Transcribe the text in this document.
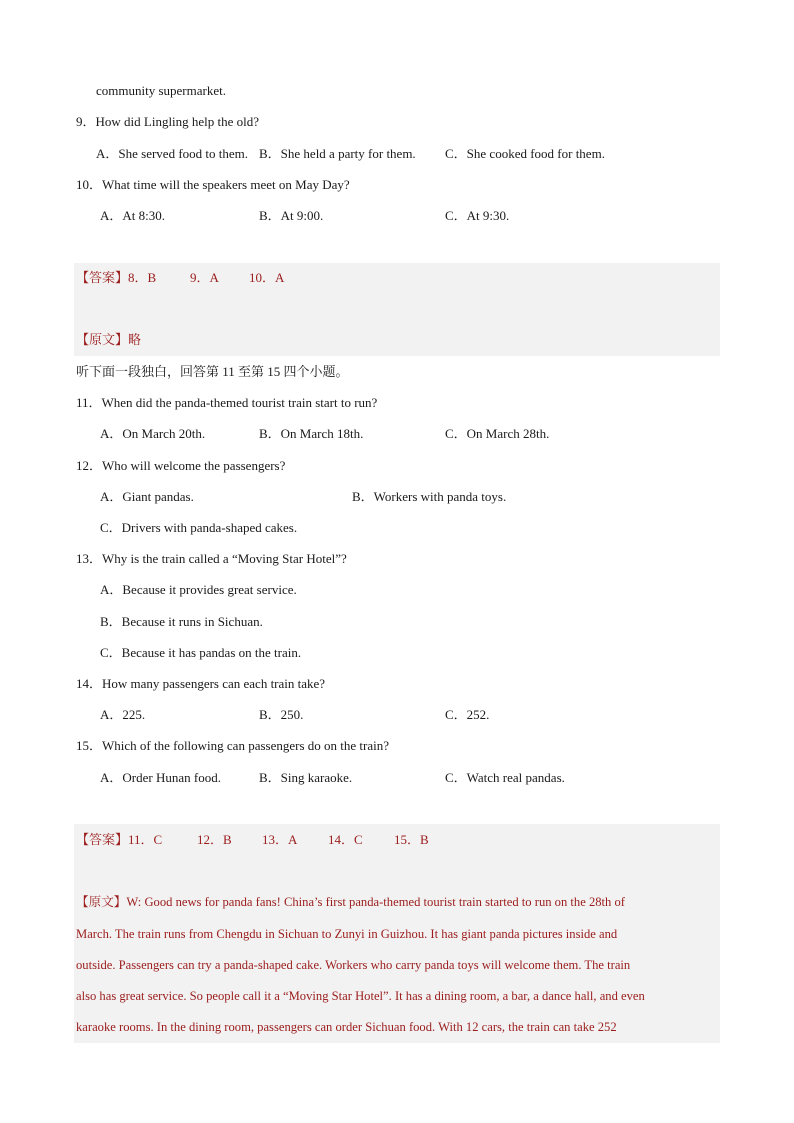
community supermarket.
9．How did Lingling help the old?
A．She served food to them. B．She held a party for them. C．She cooked food for them.
10．What time will the speakers meet on May Day?
A．At 8:30.	B．At 9:00.	C．At 9:30.
【答案】8．B	9．A 10．A
【原文】略
听下面一段独白，回答第 11 至第 15 四个小题。
11．When did the panda-themed tourist train start to run?
A．On March 20th.	B．On March 18th.	C．On March 28th.
12．Who will welcome the passengers?
A．Giant pandas.	B．Workers with panda toys.
C．Drivers with panda-shaped cakes.
13．Why is the train called a “Moving Star Hotel”?
A．Because it provides great service.
B．Because it runs in Sichuan.
C．Because it has pandas on the train.
14．How many passengers can each train take?
A．225.	B．250.	C．252.
15．Which of the following can passengers do on the train?
A．Order Hunan food.	B．Sing karaoke.	C．Watch real pandas.
【答案】11．C	12．B 13．A 14．C 15．B
【原文】W: Good news for panda fans! China’s first panda-themed tourist train started to run on the 28th of
March. The train runs from Chengdu in Sichuan to Zunyi in Guizhou. It has giant panda pictures inside and
outside. Passengers can try a panda-shaped cake. Workers who carry panda toys will welcome them. The train
also has great service. So people call it a “Moving Star Hotel”. It has a dining room, a bar, a dance hall, and even
karaoke rooms. In the dining room, passengers can order Sichuan food. With 12 cars, the train can take 252
